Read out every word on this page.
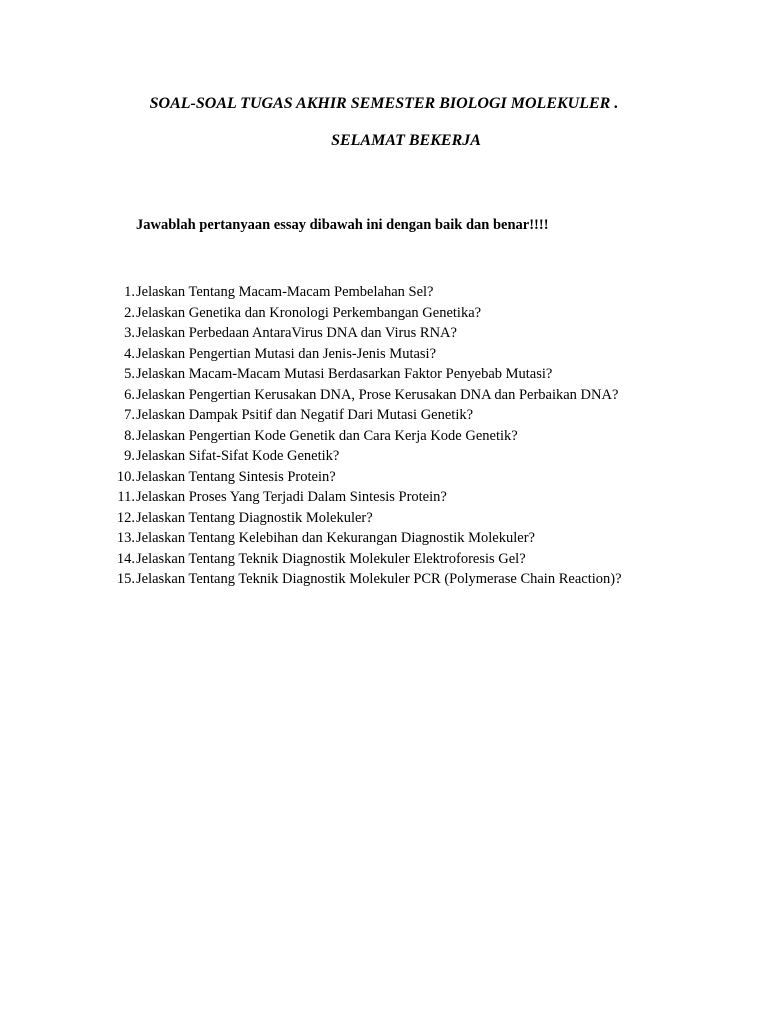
SOAL-SOAL TUGAS AKHIR SEMESTER BIOLOGI MOLEKULER .
SELAMAT BEKERJA

Jawablah pertanyaan essay dibawah ini dengan baik dan benar!!!!

1. Jelaskan Tentang Macam-Macam Pembelahan Sel?
2. Jelaskan Genetika dan Kronologi Perkembangan Genetika?
3. Jelaskan Perbedaan AntaraVirus DNA dan Virus RNA?
4. Jelaskan Pengertian Mutasi dan Jenis-Jenis Mutasi?
5. Jelaskan Macam-Macam Mutasi Berdasarkan Faktor Penyebab Mutasi?
6. Jelaskan Pengertian Kerusakan DNA, Prose Kerusakan DNA dan Perbaikan DNA?
7. Jelaskan Dampak Psitif dan Negatif Dari Mutasi Genetik?
8. Jelaskan Pengertian Kode Genetik dan Cara Kerja Kode Genetik?
9. Jelaskan Sifat-Sifat Kode Genetik?
10. Jelaskan Tentang Sintesis Protein?
11. Jelaskan Proses Yang Terjadi Dalam Sintesis Protein?
12. Jelaskan Tentang Diagnostik Molekuler?
13. Jelaskan Tentang Kelebihan dan Kekurangan Diagnostik Molekuler?
14. Jelaskan Tentang Teknik Diagnostik Molekuler Elektroforesis Gel?
15. Jelaskan Tentang Teknik Diagnostik Molekuler PCR (Polymerase Chain Reaction)?
